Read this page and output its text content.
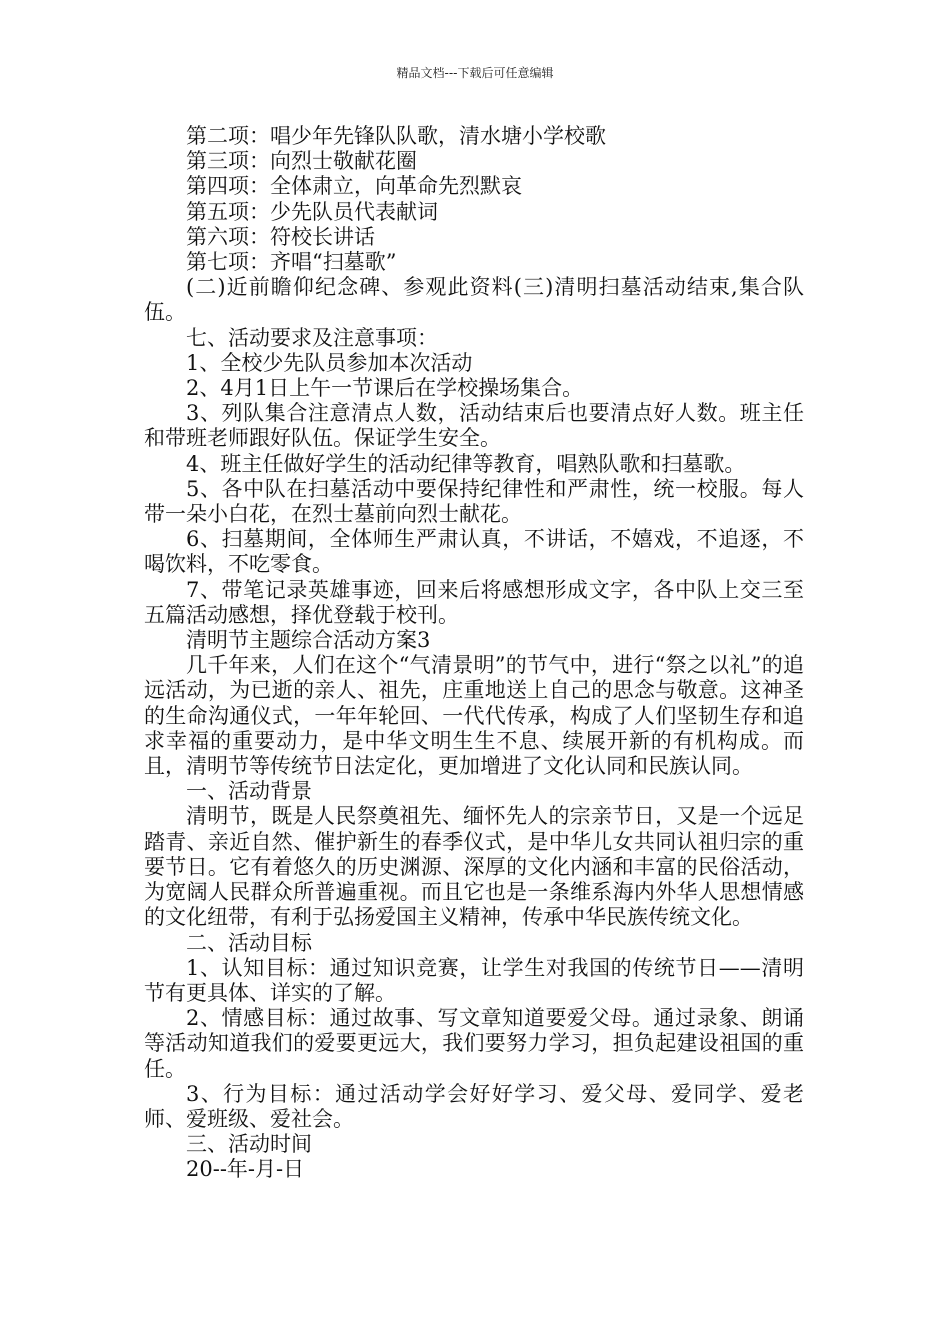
精品文档---下载后可任意编辑

第二项：唱少年先锋队队歌，清水塘小学校歌

第三项：向烈士敬献花圈

第四项：全体肃立，向革命先烈默哀

第五项：少先队员代表献词

第六项：符校长讲话

第七项：齐唱“扫墓歌”

(二)近前瞻仰纪念碑、参观此资料(三)清明扫墓活动结束,集合队伍。

七、活动要求及注意事项：

1、全校少先队员参加本次活动

2、4月1日上午一节课后在学校操场集合。

3、列队集合注意清点人数，活动结束后也要清点好人数。班主任和带班老师跟好队伍。保证学生安全。

4、班主任做好学生的活动纪律等教育，唱熟队歌和扫墓歌。

5、各中队在扫墓活动中要保持纪律性和严肃性，统一校服。每人带一朵小白花，在烈士墓前向烈士献花。

6、扫墓期间，全体师生严肃认真，不讲话，不嬉戏，不追逐，不喝饮料，不吃零食。

7、带笔记录英雄事迹，回来后将感想形成文字，各中队上交三至五篇活动感想，择优登载于校刊。

清明节主题综合活动方案3

几千年来，人们在这个“气清景明”的节气中，进行“祭之以礼”的追远活动，为已逝的亲人、祖先，庄重地送上自己的思念与敬意。这神圣的生命沟通仪式，一年年轮回、一代代传承，构成了人们坚韧生存和追求幸福的重要动力，是中华文明生生不息、续展开新的有机构成。而且，清明节等传统节日法定化，更加增进了文化认同和民族认同。

一、活动背景

清明节，既是人民祭奠祖先、缅怀先人的宗亲节日，又是一个远足踏青、亲近自然、催护新生的春季仪式，是中华儿女共同认祖归宗的重要节日。它有着悠久的历史渊源、深厚的文化内涵和丰富的民俗活动，为宽阔人民群众所普遍重视。而且它也是一条维系海内外华人思想情感的文化纽带，有利于弘扬爱国主义精神，传承中华民族传统文化。

二、活动目标

1、认知目标：通过知识竞赛，让学生对我国的传统节日——清明节有更具体、详实的了解。

2、情感目标：通过故事、写文章知道要爱父母。通过录象、朗诵等活动知道我们的爱要更远大，我们要努力学习，担负起建设祖国的重任。

3、行为目标：通过活动学会好好学习、爱父母、爱同学、爱老师、爱班级、爱社会。

三、活动时间

20--年-月-日
